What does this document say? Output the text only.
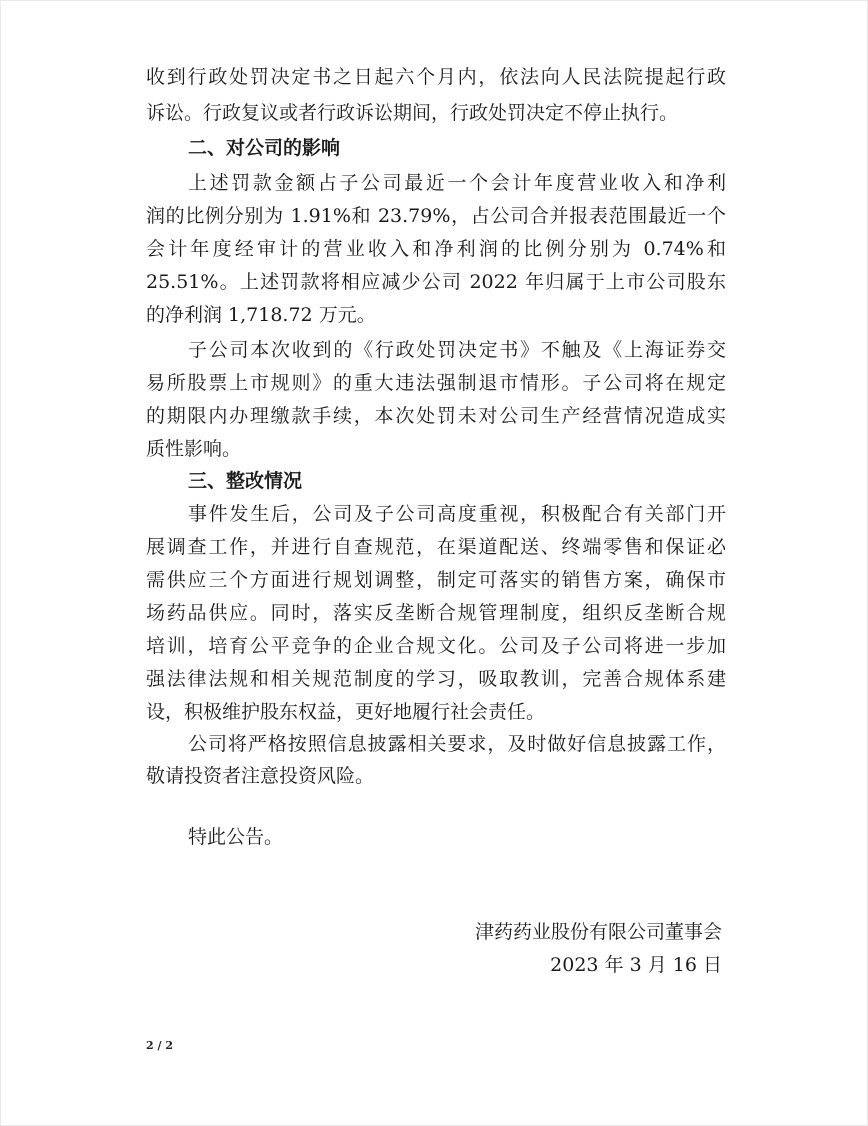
收到行政处罚决定书之日起六个月内，依法向人民法院提起行政
诉讼。行政复议或者行政诉讼期间，行政处罚决定不停止执行。
二、对公司的影响
上述罚款金额占子公司最近一个会计年度营业收入和净利
润的比例分别为 1.91%和 23.79%，占公司合并报表范围最近一个
会计年度经审计的营业收入和净利润的比例分别为 0.74%和
25.51%。上述罚款将相应减少公司 2022 年归属于上市公司股东
的净利润 1,718.72 万元。
子公司本次收到的《行政处罚决定书》不触及《上海证券交
易所股票上市规则》的重大违法强制退市情形。子公司将在规定
的期限内办理缴款手续，本次处罚未对公司生产经营情况造成实
质性影响。
三、整改情况
事件发生后，公司及子公司高度重视，积极配合有关部门开
展调查工作，并进行自查规范，在渠道配送、终端零售和保证必
需供应三个方面进行规划调整，制定可落实的销售方案，确保市
场药品供应。同时，落实反垄断合规管理制度，组织反垄断合规
培训，培育公平竞争的企业合规文化。公司及子公司将进一步加
强法律法规和相关规范制度的学习，吸取教训，完善合规体系建
设，积极维护股东权益，更好地履行社会责任。
公司将严格按照信息披露相关要求，及时做好信息披露工作，
敬请投资者注意投资风险。
特此公告。
津药药业股份有限公司董事会
2023 年 3 月 16 日
2 / 2
